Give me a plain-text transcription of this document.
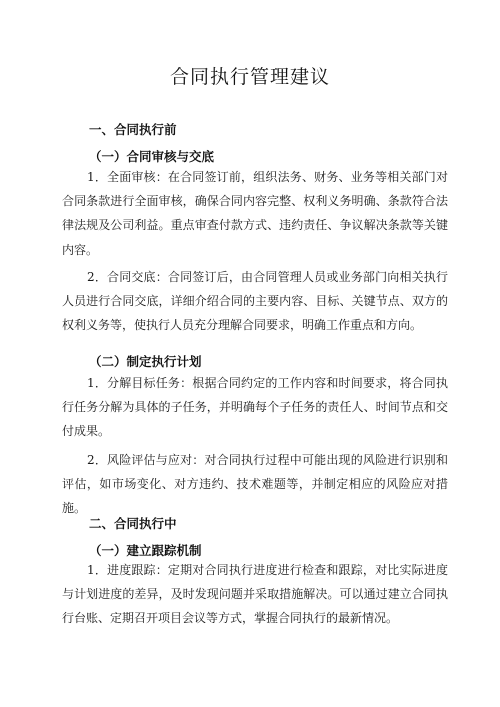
合同执行管理建议
一、合同执行前
（一）合同审核与交底
1．全面审核：在合同签订前，组织法务、财务、业务等相关部门对合同条款进行全面审核，确保合同内容完整、权利义务明确、条款符合法律法规及公司利益。重点审查付款方式、违约责任、争议解决条款等关键内容。
2．合同交底：合同签订后，由合同管理人员或业务部门向相关执行人员进行合同交底，详细介绍合同的主要内容、目标、关键节点、双方的权利义务等，使执行人员充分理解合同要求，明确工作重点和方向。
（二）制定执行计划
1．分解目标任务：根据合同约定的工作内容和时间要求，将合同执行任务分解为具体的子任务，并明确每个子任务的责任人、时间节点和交付成果。
2．风险评估与应对：对合同执行过程中可能出现的风险进行识别和评估，如市场变化、对方违约、技术难题等，并制定相应的风险应对措施。
二、合同执行中
（一）建立跟踪机制
1．进度跟踪：定期对合同执行进度进行检查和跟踪，对比实际进度与计划进度的差异，及时发现问题并采取措施解决。可以通过建立合同执行台账、定期召开项目会议等方式，掌握合同执行的最新情况。
